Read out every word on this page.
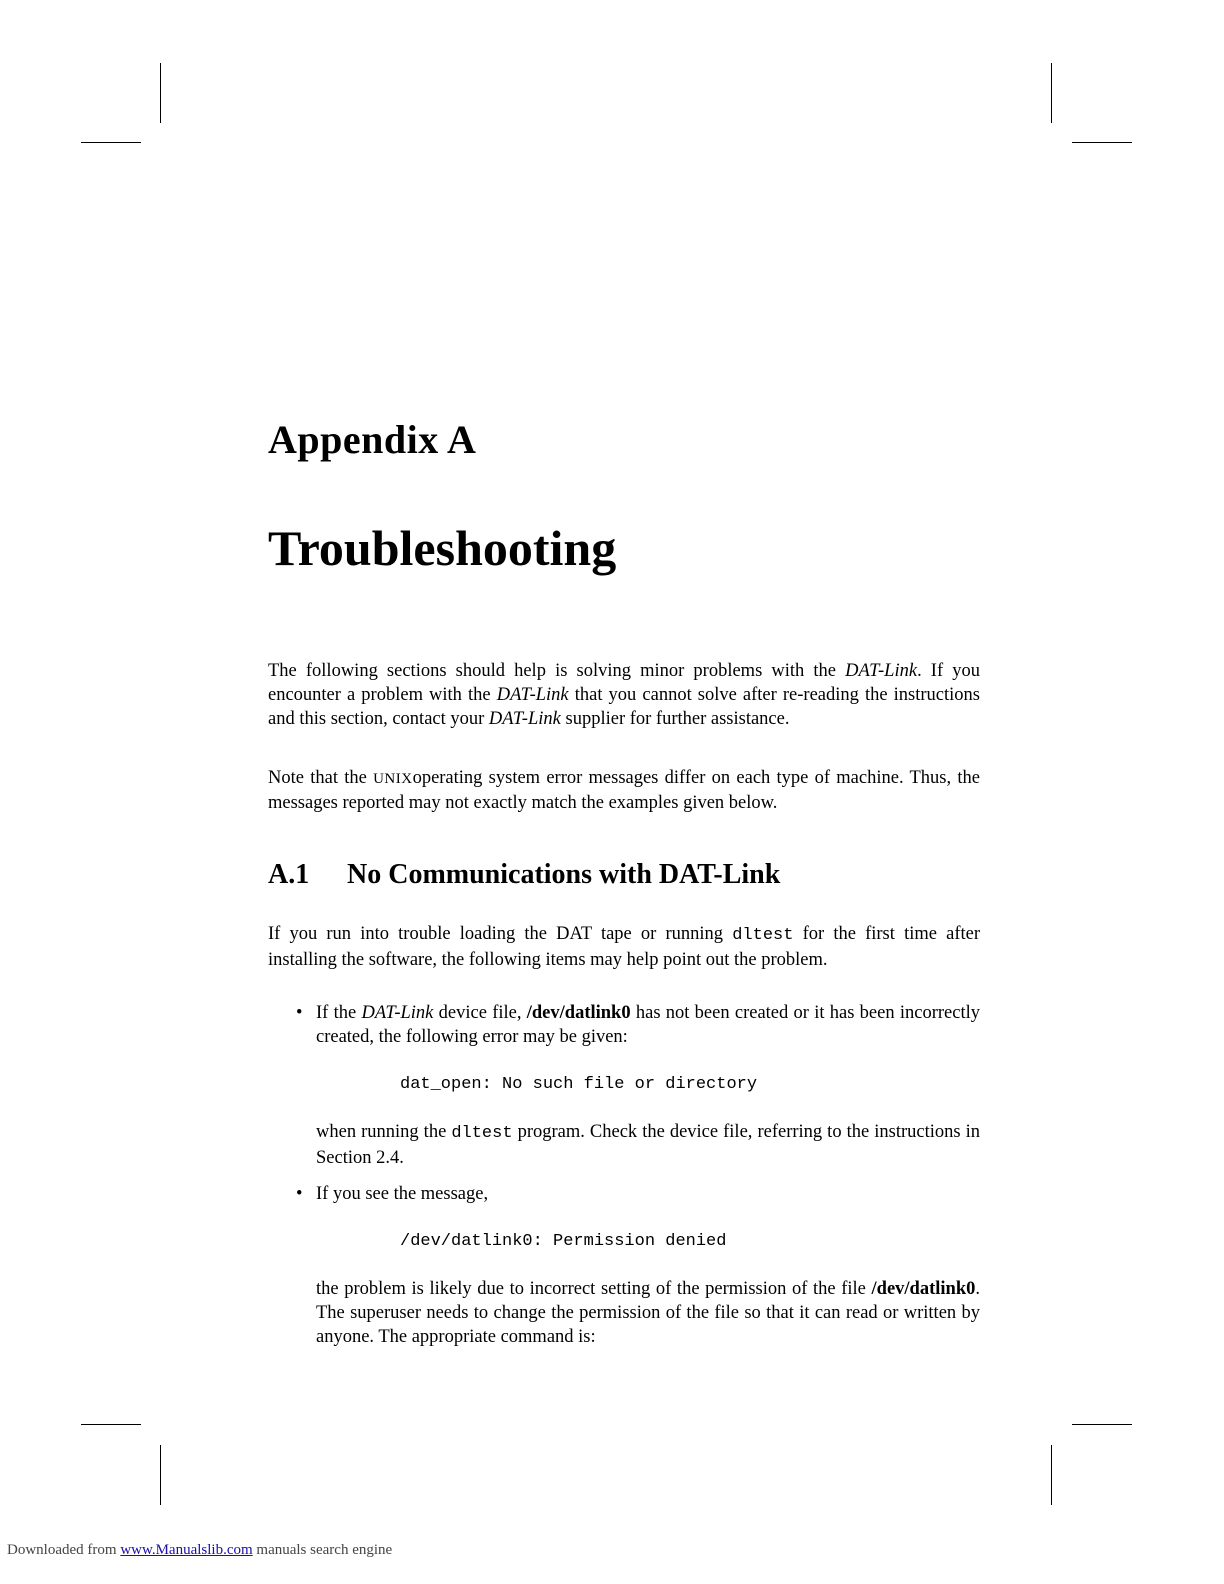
Appendix A
Troubleshooting

The following sections should help is solving minor problems with the DAT-Link. If you encounter a problem with the DAT-Link that you cannot solve after re-reading the instructions and this section, contact your DAT-Link supplier for further assistance.

Note that the UNIXoperating system error messages differ on each type of machine. Thus, the messages reported may not exactly match the examples given below.

A.1 No Communications with DAT-Link

If you run into trouble loading the DAT tape or running dltest for the first time after installing the software, the following items may help point out the problem.

• If the DAT-Link device file, /dev/datlink0 has not been created or it has been incorrectly created, the following error may be given:

dat_open: No such file or directory

when running the dltest program. Check the device file, referring to the instructions in Section 2.4.

• If you see the message,

/dev/datlink0: Permission denied

the problem is likely due to incorrect setting of the permission of the file /dev/datlink0. The superuser needs to change the permission of the file so that it can read or written by anyone. The appropriate command is:

Downloaded from www.Manualslib.com manuals search engine
